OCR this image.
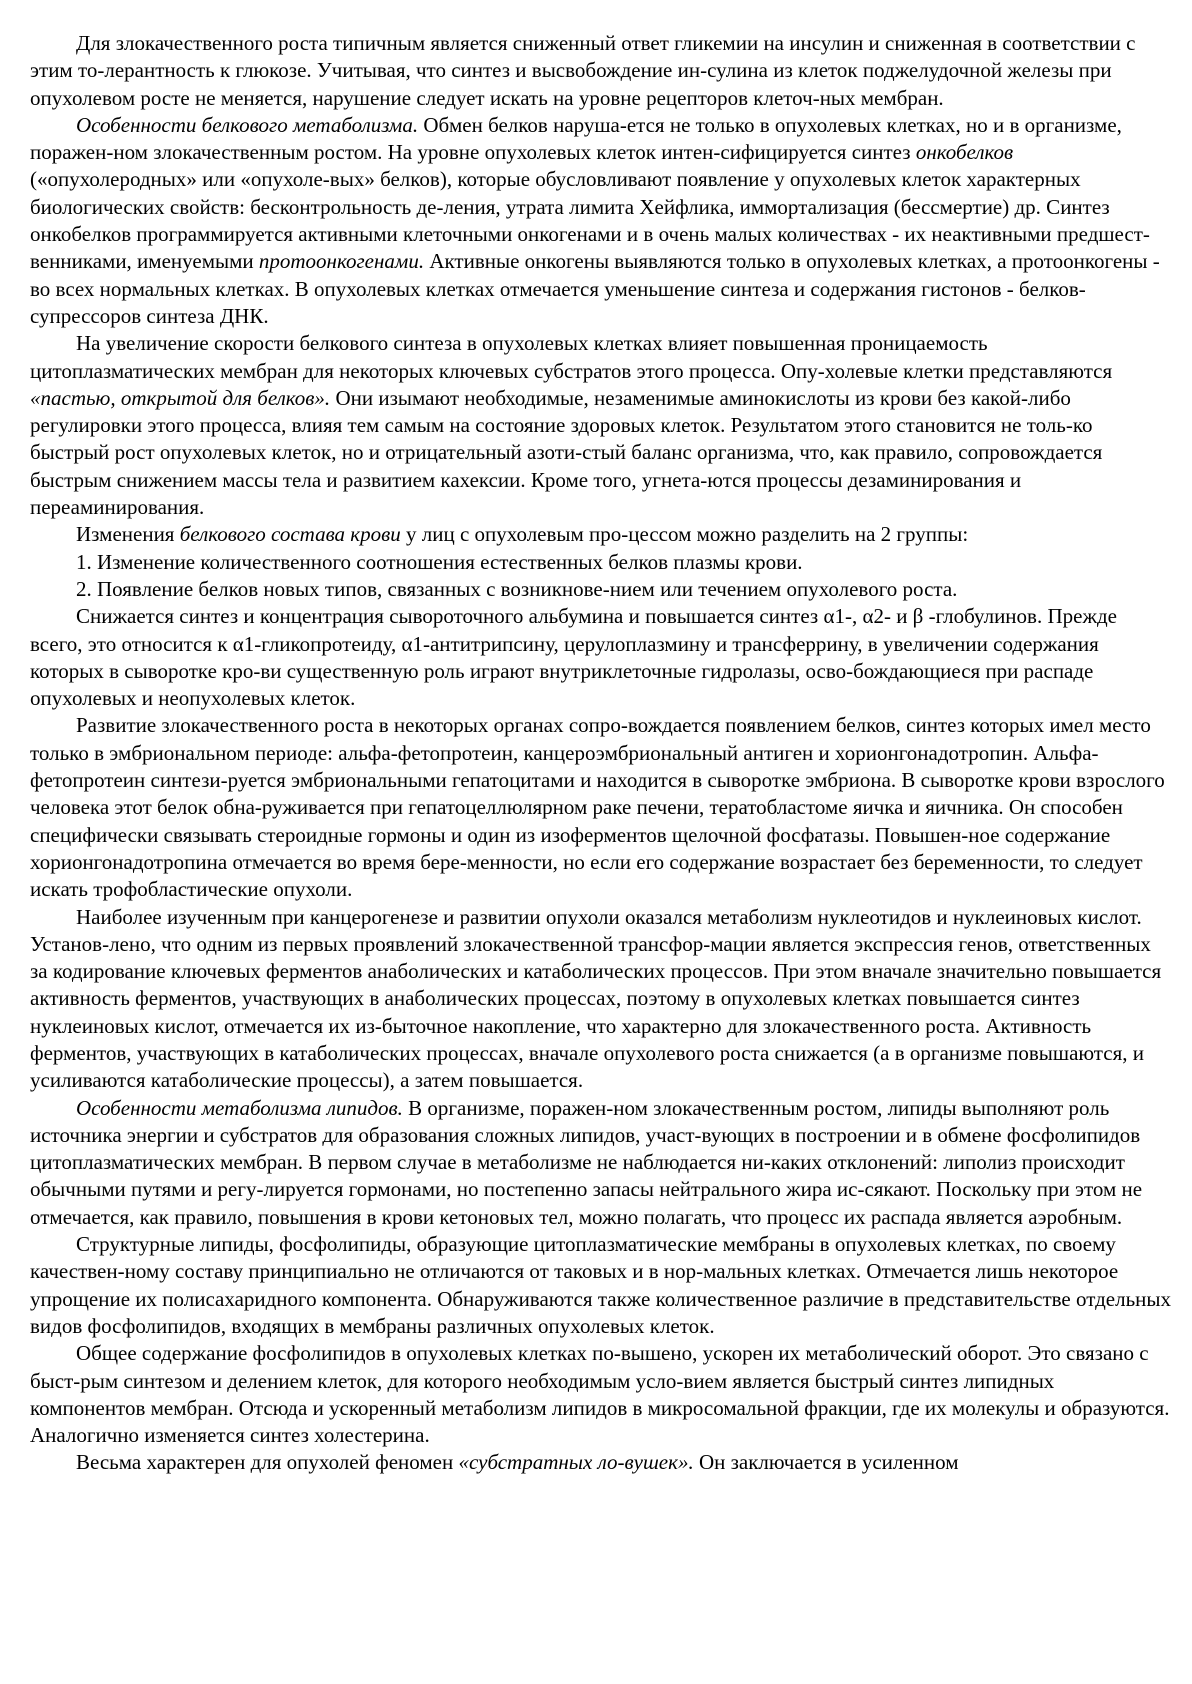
Для злокачественного роста типичным является сниженный ответ гликемии на инсулин и сниженная в соответствии с этим то-лерантность к глюкозе. Учитывая, что синтез и высвобождение ин-сулина из клеток поджелудочной железы при опухолевом росте не меняется, нарушение следует искать на уровне рецепторов клеточ-ных мембран.

Особенности белкового метаболизма. Обмен белков наруша-ется не только в опухолевых клетках, но и в организме, поражен-ном злокачественным ростом. На уровне опухолевых клеток интен-сифицируется синтез онкобелков («опухолеродных» или «опухоле-вых» белков), которые обусловливают появление у опухолевых клеток характерных биологических свойств: бесконтрольность де-ления, утрата лимита Хейфлика, иммортализация (бессмертие) др. Синтез онкобелков программируется активными клеточными онкогенами и в очень малых количествах - их неактивными предшест-венниками, именуемыми протоонкогенами. Активные онкогены выявляются только в опухолевых клетках, а протоонкогены - во всех нормальных клетках. В опухолевых клетках отмечается уменьшение синтеза и содержания гистонов - белков-супрессоров синтеза ДНК.

На увеличение скорости белкового синтеза в опухолевых клетках влияет повышенная проницаемость цитоплазматических мембран для некоторых ключевых субстратов этого процесса. Опу-холевые клетки представляются «пастью, открытой для белков». Они изымают необходимые, незаменимые аминокислоты из крови без какой-либо регулировки этого процесса, влияя тем самым на состояние здоровых клеток. Результатом этого становится не толь-ко быстрый рост опухолевых клеток, но и отрицательный азоти-стый баланс организма, что, как правило, сопровождается быстрым снижением массы тела и развитием кахексии. Кроме того, угнета-ются процессы дезаминирования и переаминирования.

Изменения белкового состава крови у лиц с опухолевым про-цессом можно разделить на 2 группы:

1. Изменение количественного соотношения естественных белков плазмы крови.

2. Появление белков новых типов, связанных с возникнове-нием или течением опухолевого роста.

Снижается синтез и концентрация сывороточного альбумина и повышается синтез α1-, α2- и β -глобулинов. Прежде всего, это относится к α1-гликопротеиду, α1-антитрипсину, церулоплазмину и трансферрину, в увеличении содержания которых в сыворотке кро-ви существенную роль играют внутриклеточные гидролазы, осво-бождающиеся при распаде опухолевых и неопухолевых клеток.

Развитие злокачественного роста в некоторых органах сопро-вождается появлением белков, синтез которых имел место только в эмбриональном периоде: альфа-фетопротеин, канцероэмбриональный антиген и хорионгонадотропин. Альфа-фетопротеин синтези-руется эмбриональными гепатоцитами и находится в сыворотке эмбриона. В сыворотке крови взрослого человека этот белок обна-руживается при гепатоцеллюлярном раке печени, тератобластоме яичка и яичника. Он способен специфически связывать стероидные гормоны и один из изоферментов щелочной фосфатазы. Повышен-ное содержание хорионгонадотропина отмечается во время бере-менности, но если его содержание возрастает без беременности, то следует искать трофобластические опухоли.

Наиболее изученным при канцерогенезе и развитии опухоли оказался метаболизм нуклеотидов и нуклеиновых кислот. Установ-лено, что одним из первых проявлений злокачественной трансфор-мации является экспрессия генов, ответственных за кодирование ключевых ферментов анаболических и катаболических процессов. При этом вначале значительно повышается активность ферментов, участвующих в анаболических процессах, поэтому в опухолевых клетках повышается синтез нуклеиновых кислот, отмечается их из-быточное накопление, что характерно для злокачественного роста. Активность ферментов, участвующих в катаболических процессах, вначале опухолевого роста снижается (а в организме повышаются, и усиливаются катаболические процессы), а затем повышается.

Особенности метаболизма липидов. В организме, поражен-ном злокачественным ростом, липиды выполняют роль источника энергии и субстратов для образования сложных липидов, участ-вующих в построении и в обмене фосфолипидов цитоплазматических мембран. В первом случае в метаболизме не наблюдается ни-каких отклонений: липолиз происходит обычными путями и регу-лируется гормонами, но постепенно запасы нейтрального жира ис-сякают. Поскольку при этом не отмечается, как правило, повышения в крови кетоновых тел, можно полагать, что процесс их распада является аэробным.

Структурные липиды, фосфолипиды, образующие цитоплазматические мембраны в опухолевых клетках, по своему качествен-ному составу принципиально не отличаются от таковых и в нор-мальных клетках. Отмечается лишь некоторое упрощение их полисахаридного компонента. Обнаруживаются также количественное различие в представительстве отдельных видов фосфолипидов, входящих в мембраны различных опухолевых клеток.

Общее содержание фосфолипидов в опухолевых клетках по-вышено, ускорен их метаболический оборот. Это связано с быст-рым синтезом и делением клеток, для которого необходимым усло-вием является быстрый синтез липидных компонентов мембран. Отсюда и ускоренный метаболизм липидов в микросомальной фракции, где их молекулы и образуются. Аналогично изменяется синтез холестерина.

Весьма характерен для опухолей феномен «субстратных ло-вушек». Он заключается в усиленном
